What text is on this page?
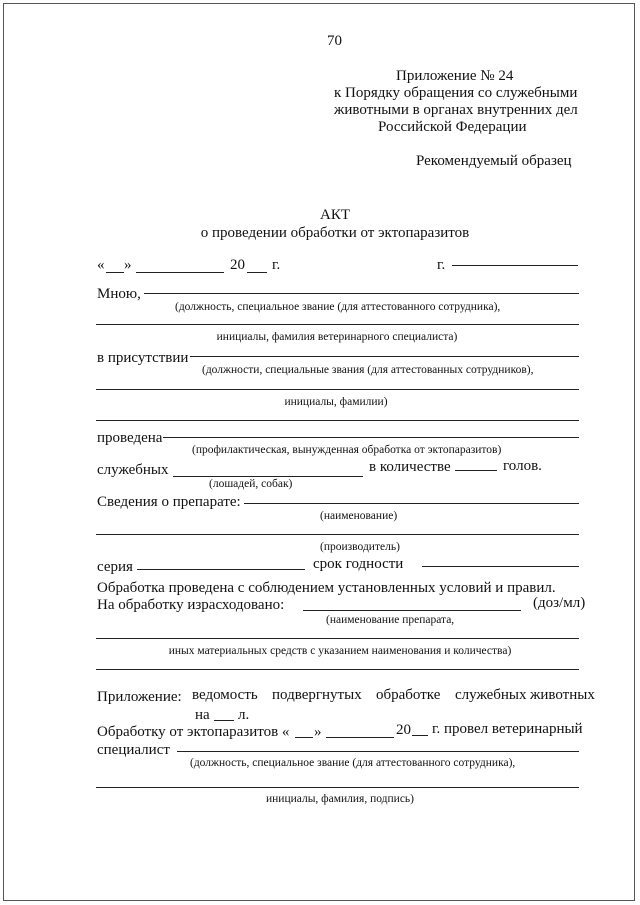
70
Приложение № 24
к Порядку обращения со служебными
животными в органах внутренних дел
Российской Федерации
Рекомендуемый образец
АКТ
о проведении обработки от эктопаразитов
« »	20 г.	г.
Мною,
(должность, специальное звание (для аттестованного сотрудника),
инициалы, фамилия ветеринарного специалиста)
в присутствии
(должности, специальные звания (для аттестованных сотрудников),
инициалы, фамилии)
проведена
(профилактическая, вынужденная обработка от эктопаразитов)
служебных	в количестве	голов.
(лошадей, собак)
Сведения о препарате:
(наименование)
(производитель)
серия	срок годности
Обработка проведена с соблюдением установленных условий и правил.
На обработку израсходовано:	(доз/мл)
(наименование препарата,
иных материальных средств с указанием наименования и количества)
Приложение: ведомость подвергнутых обработке служебных животных
на л.
Обработку от эктопаразитов « »	20 г. провел ветеринарный
специалист
(должность, специальное звание (для аттестованного сотрудника),
инициалы, фамилия, подпись)
